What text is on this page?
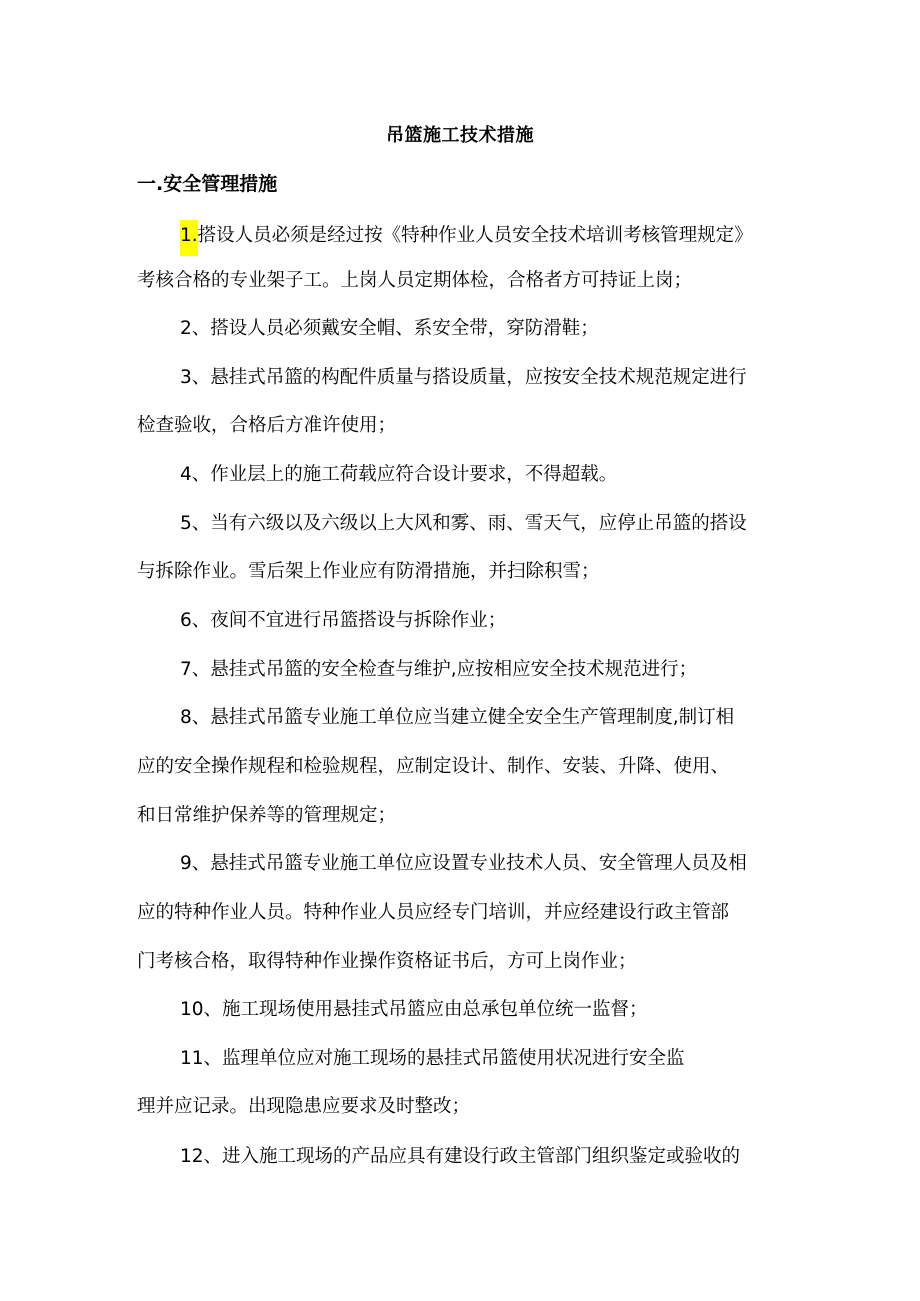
吊篮施工技术措施
一.安全管理措施
1.搭设人员必须是经过按《特种作业人员安全技术培训考核管理规定》
考核合格的专业架子工。上岗人员定期体检，合格者方可持证上岗；
2、搭设人员必须戴安全帽、系安全带，穿防滑鞋；
3、悬挂式吊篮的构配件质量与搭设质量，应按安全技术规范规定进行
检查验收，合格后方准许使用；
4、作业层上的施工荷载应符合设计要求，不得超载。
5、当有六级以及六级以上大风和雾、雨、雪天气，应停止吊篮的搭设
与拆除作业。雪后架上作业应有防滑措施，并扫除积雪；
6、夜间不宜进行吊篮搭设与拆除作业；
7、悬挂式吊篮的安全检查与维护,应按相应安全技术规范进行；
8、悬挂式吊篮专业施工单位应当建立健全安全生产管理制度,制订相
应的安全操作规程和检验规程，应制定设计、制作、安装、升降、使用、
和日常维护保养等的管理规定；
9、悬挂式吊篮专业施工单位应设置专业技术人员、安全管理人员及相
应的特种作业人员。特种作业人员应经专门培训，并应经建设行政主管部
门考核合格，取得特种作业操作资格证书后，方可上岗作业；
10、施工现场使用悬挂式吊篮应由总承包单位统一监督；
11、监理单位应对施工现场的悬挂式吊篮使用状况进行安全监
理并应记录。出现隐患应要求及时整改；
12、进入施工现场的产品应具有建设行政主管部门组织鉴定或验收的
